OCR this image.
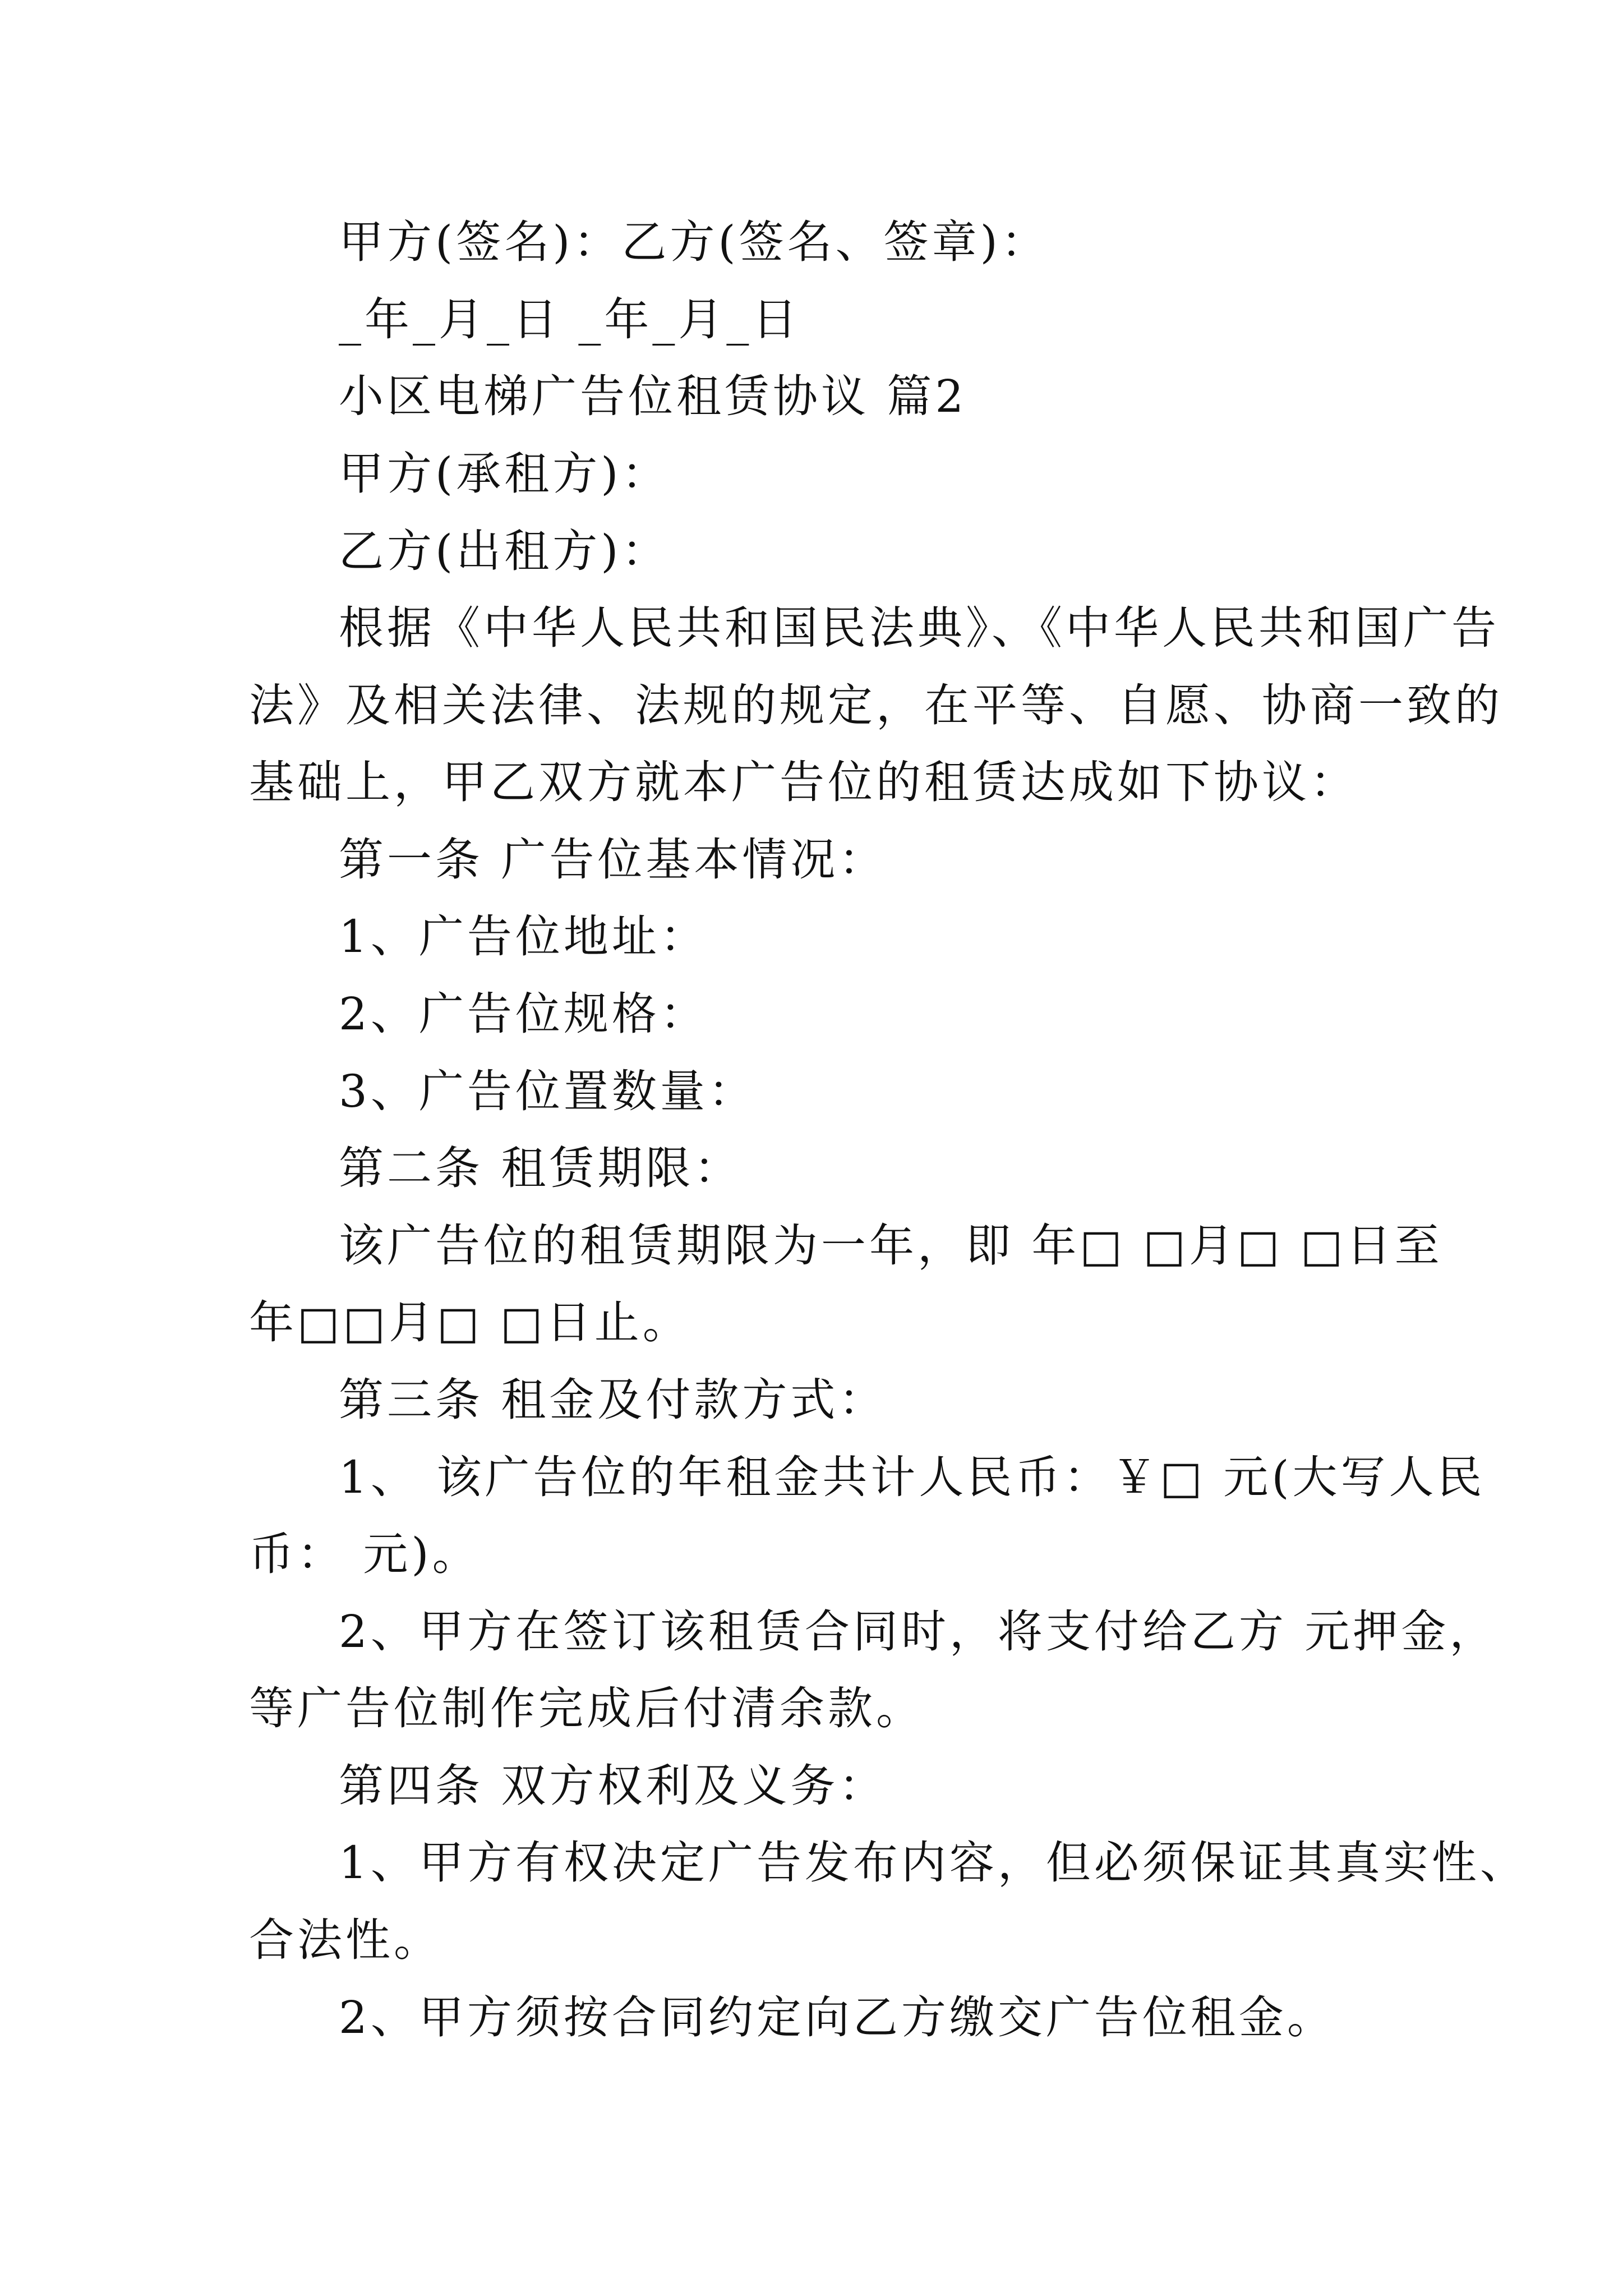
甲方(签名)：乙方(签名、签章)：
_年_月_日 _年_月_日
小区电梯广告位租赁协议 篇2
甲方(承租方)：
乙方(出租方)：
根据《中华人民共和国民法典》、《中华人民共和国广告
法》及相关法律、法规的规定，在平等、自愿、协商一致的
基础上，甲乙双方就本广告位的租赁达成如下协议：
第一条 广告位基本情况：
1、广告位地址：
2、广告位规格：
3、广告位置数量：
第二条 租赁期限：
该广告位的租赁期限为一年，即 年□ □月□ □日至
年□□月□ □日止。
第三条 租金及付款方式：
1、 该广告位的年租金共计人民币：￥□ 元(大写人民
币： 元)。
2、甲方在签订该租赁合同时，将支付给乙方 元押金，
等广告位制作完成后付清余款。
第四条 双方权利及义务：
1、甲方有权决定广告发布内容，但必须保证其真实性、
合法性。
2、甲方须按合同约定向乙方缴交广告位租金。
